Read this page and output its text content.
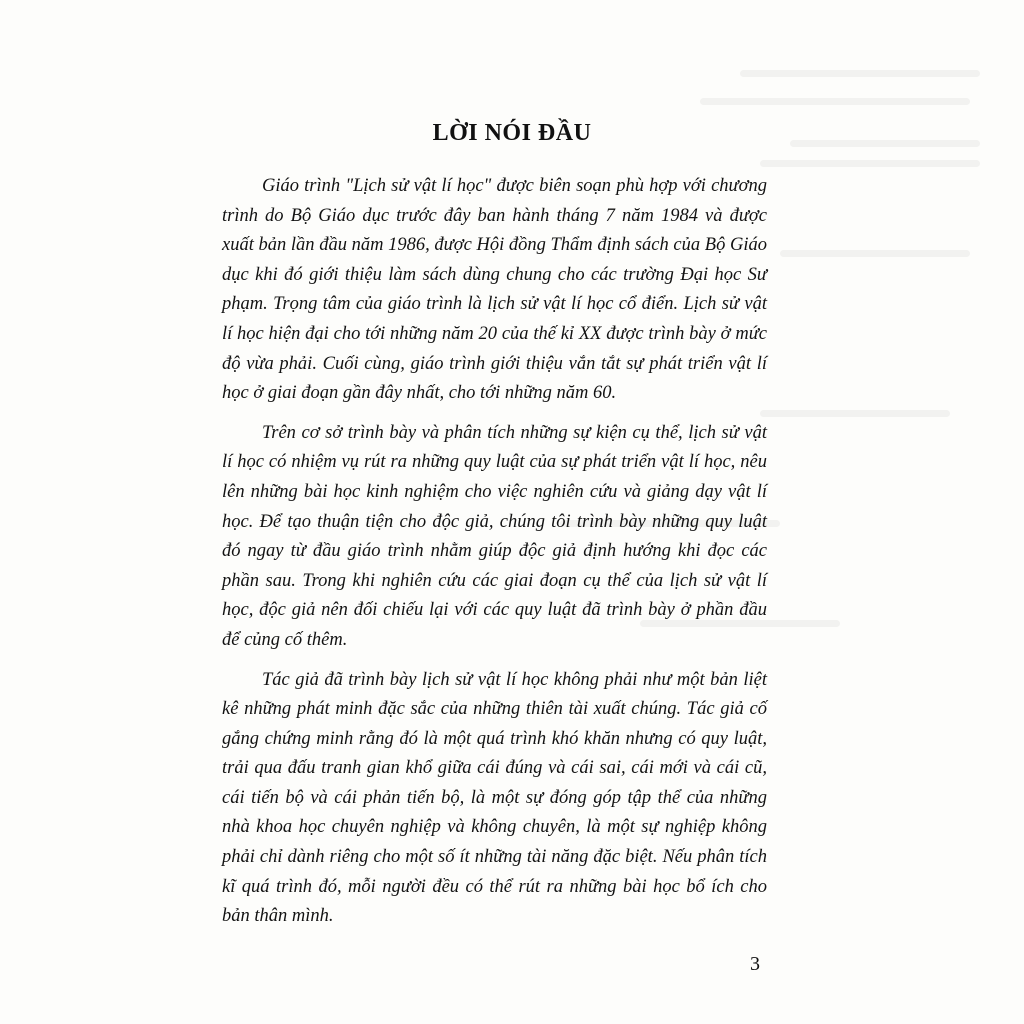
LỜI NÓI ĐẦU

Giáo trình "Lịch sử vật lí học" được biên soạn phù hợp với chương trình do Bộ Giáo dục trước đây ban hành tháng 7 năm 1984 và được xuất bản lần đầu năm 1986, được Hội đồng Thẩm định sách của Bộ Giáo dục khi đó giới thiệu làm sách dùng chung cho các trường Đại học Sư phạm. Trọng tâm của giáo trình là lịch sử vật lí học cổ điển. Lịch sử vật lí học hiện đại cho tới những năm 20 của thế kỉ XX được trình bày ở mức độ vừa phải. Cuối cùng, giáo trình giới thiệu vắn tắt sự phát triển vật lí học ở giai đoạn gần đây nhất, cho tới những năm 60.

Trên cơ sở trình bày và phân tích những sự kiện cụ thể, lịch sử vật lí học có nhiệm vụ rút ra những quy luật của sự phát triển vật lí học, nêu lên những bài học kinh nghiệm cho việc nghiên cứu và giảng dạy vật lí học. Để tạo thuận tiện cho độc giả, chúng tôi trình bày những quy luật đó ngay từ đầu giáo trình nhằm giúp độc giả định hướng khi đọc các phần sau. Trong khi nghiên cứu các giai đoạn cụ thể của lịch sử vật lí học, độc giả nên đối chiếu lại với các quy luật đã trình bày ở phần đầu để củng cố thêm.

Tác giả đã trình bày lịch sử vật lí học không phải như một bản liệt kê những phát minh đặc sắc của những thiên tài xuất chúng. Tác giả cố gắng chứng minh rằng đó là một quá trình khó khăn nhưng có quy luật, trải qua đấu tranh gian khổ giữa cái đúng và cái sai, cái mới và cái cũ, cái tiến bộ và cái phản tiến bộ, là một sự đóng góp tập thể của những nhà khoa học chuyên nghiệp và không chuyên, là một sự nghiệp không phải chỉ dành riêng cho một số ít những tài năng đặc biệt. Nếu phân tích kĩ quá trình đó, mỗi người đều có thể rút ra những bài học bổ ích cho bản thân mình.

3
